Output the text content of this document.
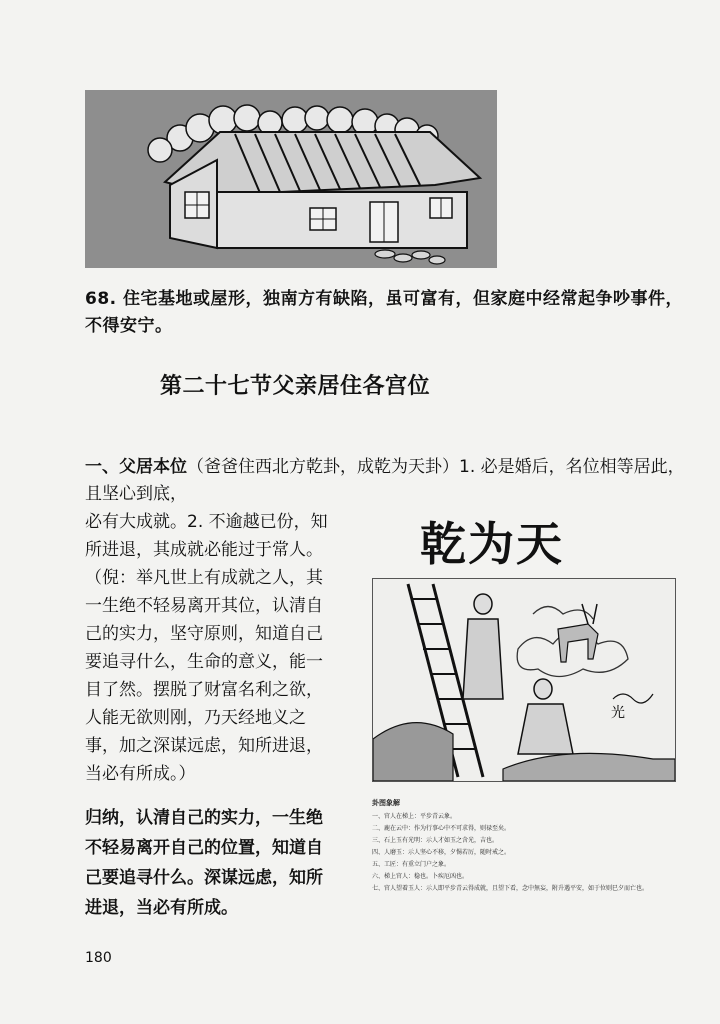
68. 住宅基地或屋形，独南方有缺陷，虽可富有，但家庭中经常起争吵事件，不得安宁。
第二十七节父亲居住各宫位
一、父居本位（爸爸住西北方乾卦，成乾为天卦）1. 必是婚后，名位相等居此，且坚心到底，
必有大成就。2. 不逾越已份，知所进退，其成就必能过于常人。（倪：举凡世上有成就之人，其一生绝不轻易离开其位，认清自己的实力，坚守原则，知道自己要追寻什么，生命的意义，能一目了然。摆脱了财富名利之欲，人能无欲则刚，乃天经地义之事，加之深谋远虑，知所进退，当必有所成。）
归纳，认清自己的实力，一生绝不轻易离开自己的位置，知道自己要追寻什么。深谋远虑，知所进退，当必有所成。
乾为天
光
卦图象解
一、官人在梯上：平步青云象。
二、鹿在云中：作为行事心中不可求得，则禄至矣。
三、石上玉有光明：示人才如玉之含光，吉也。
四、人磨玉：示人坚心不移，夕惕若厉，随时戒之。
五、工匠：有重立门户之象。
六、梯上官人：稳也。卜疾厄凶也。
七、官人望着玉人：示人即平步青云得成就，且望下看，念中無妄，附升遇平安，如于位则巳夕而亡也。
180
